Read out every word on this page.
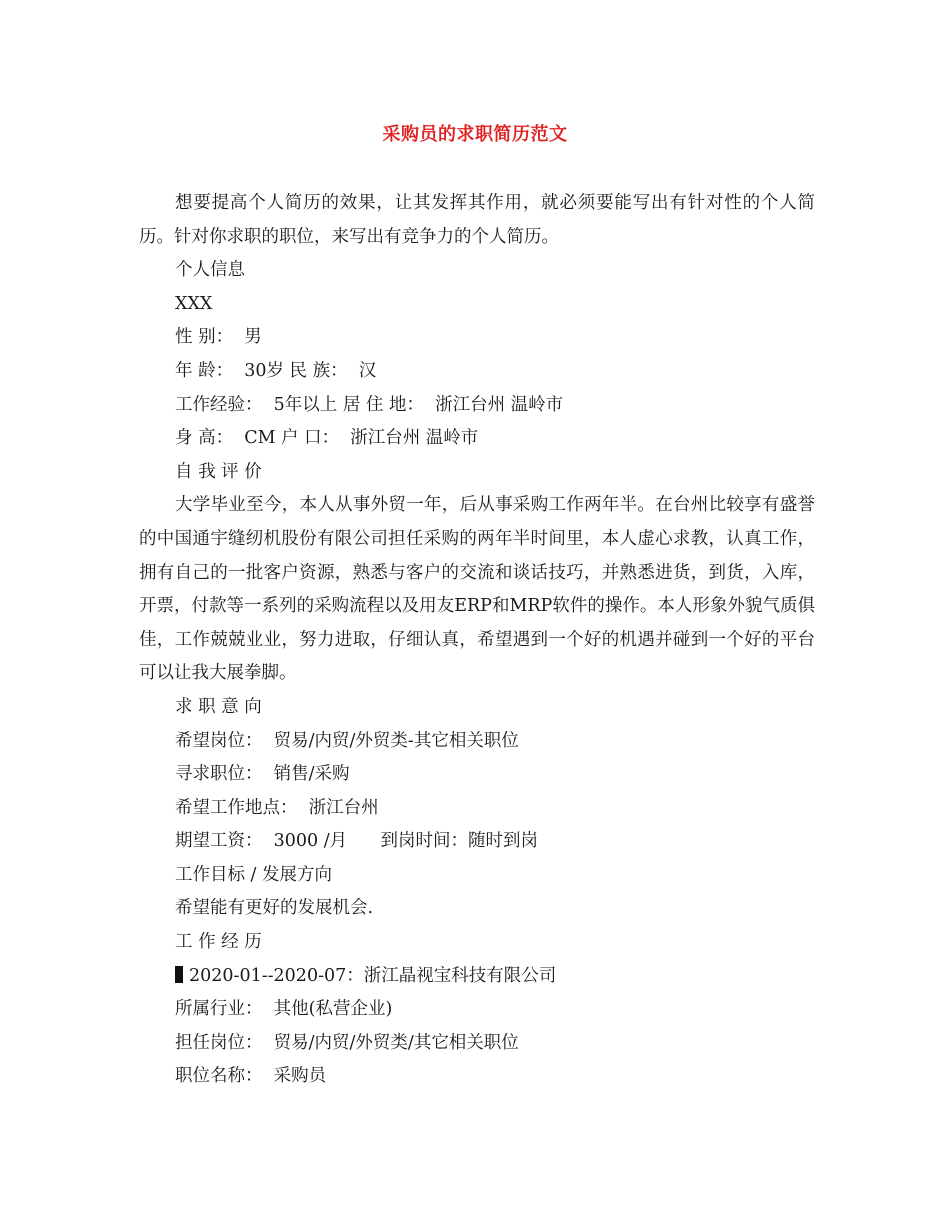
采购员的求职简历范文

想要提高个人简历的效果，让其发挥其作用，就必须要能写出有针对性的个人简历。针对你求职的职位，来写出有竞争力的个人简历。

个人信息

XXX

性 别：  男

年 龄：  30岁 民 族：  汉

工作经验：  5年以上 居 住 地：  浙江台州 温岭市

身 高：  CM 户 口：  浙江台州 温岭市

自 我 评 价

大学毕业至今，本人从事外贸一年，后从事采购工作两年半。在台州比较享有盛誉的中国通宇缝纫机股份有限公司担任采购的两年半时间里，本人虚心求教，认真工作，拥有自己的一批客户资源，熟悉与客户的交流和谈话技巧，并熟悉进货，到货，入库，开票，付款等一系列的采购流程以及用友ERP和MRP软件的操作。本人形象外貌气质俱佳，工作兢兢业业，努力进取，仔细认真，希望遇到一个好的机遇并碰到一个好的平台可以让我大展拳脚。

求 职 意 向

希望岗位：  贸易/内贸/外贸类-其它相关职位

寻求职位：  销售/采购

希望工作地点：  浙江台州

期望工资：  3000 /月      到岗时间：随时到岗

工作目标 / 发展方向

希望能有更好的发展机会.

工 作 经 历

2020-01--2020-07：浙江晶视宝科技有限公司

所属行业：  其他(私营企业)

担任岗位：  贸易/内贸/外贸类/其它相关职位

职位名称：  采购员
